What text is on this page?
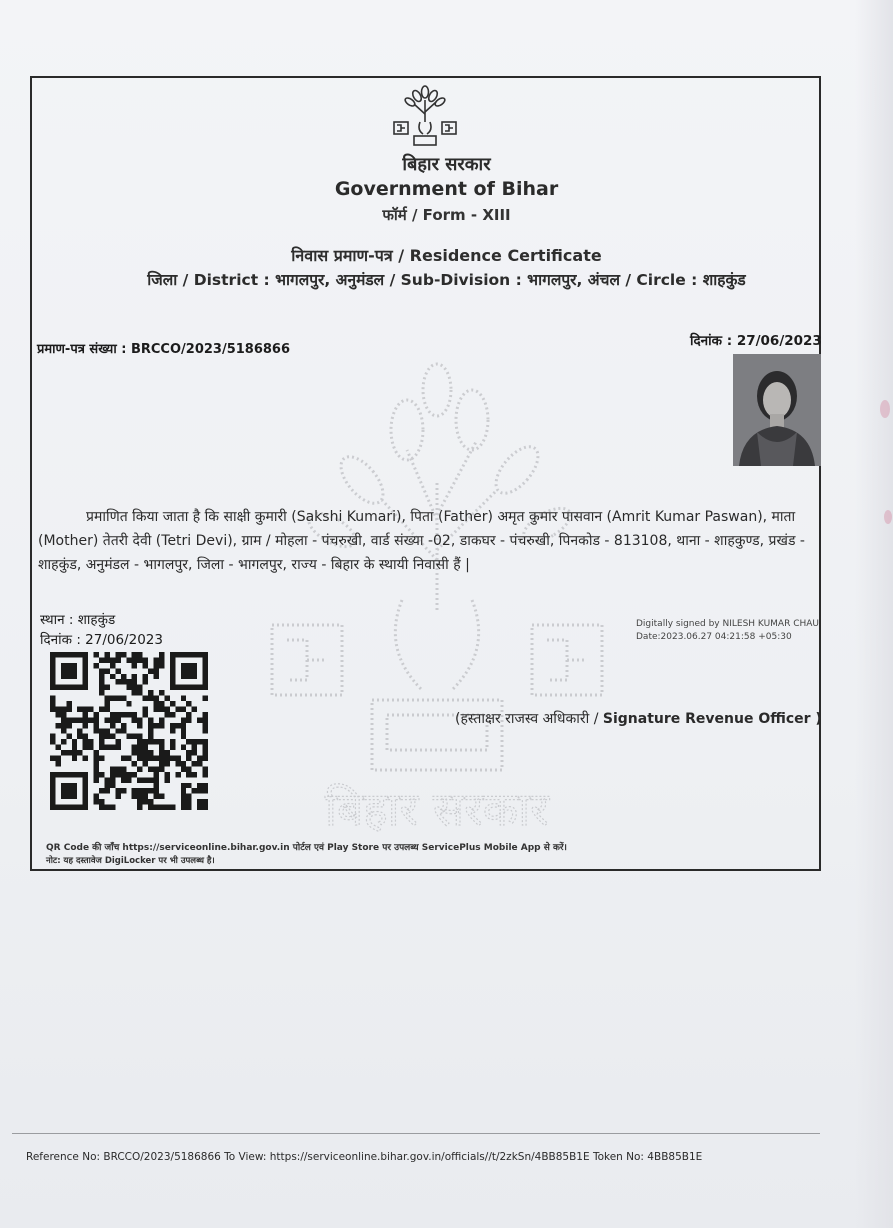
बिहार सरकार
बिहार सरकार
Government of Bihar
फॉर्म / Form - XIII
निवास प्रमाण-पत्र / Residence Certificate
जिला / District : भागलपुर, अनुमंडल / Sub-Division : भागलपुर, अंचल / Circle : शाहकुंड
प्रमाण-पत्र संख्या : BRCCO/2023/5186866
दिनांक : 27/06/2023
प्रमाणित किया जाता है कि साक्षी कुमारी (Sakshi Kumari), पिता (Father) अमृत कुमार पासवान (Amrit Kumar Paswan), माता (Mother) तेतरी देवी (Tetri Devi), ग्राम / मोहला - पंचरुखी, वार्ड संख्या -02, डाकघर - पंचरुखी, पिनकोड - 813108, थाना - शाहकुण्ड, प्रखंड - शाहकुंड, अनुमंडल - भागलपुर, जिला - भागलपुर, राज्य - बिहार के स्थायी निवासी हैं |
स्थान : शाहकुंड
दिनांक : 27/06/2023
Digitally signed by NILESH KUMAR CHAU
Date:2023.06.27 04:21:58 +05:30
(हस्ताक्षर राजस्व अधिकारी / Signature Revenue Officer )
QR Code की जाँच https://serviceonline.bihar.gov.in पोर्टल एवं Play Store पर उपलब्ध ServicePlus Mobile App से करें।
नोट: यह दस्तावेज DigiLocker पर भी उपलब्ध है।
Reference No: BRCCO/2023/5186866 To View: https://serviceonline.bihar.gov.in/officials//t/2zkSn/4BB85B1E Token No: 4BB85B1E
